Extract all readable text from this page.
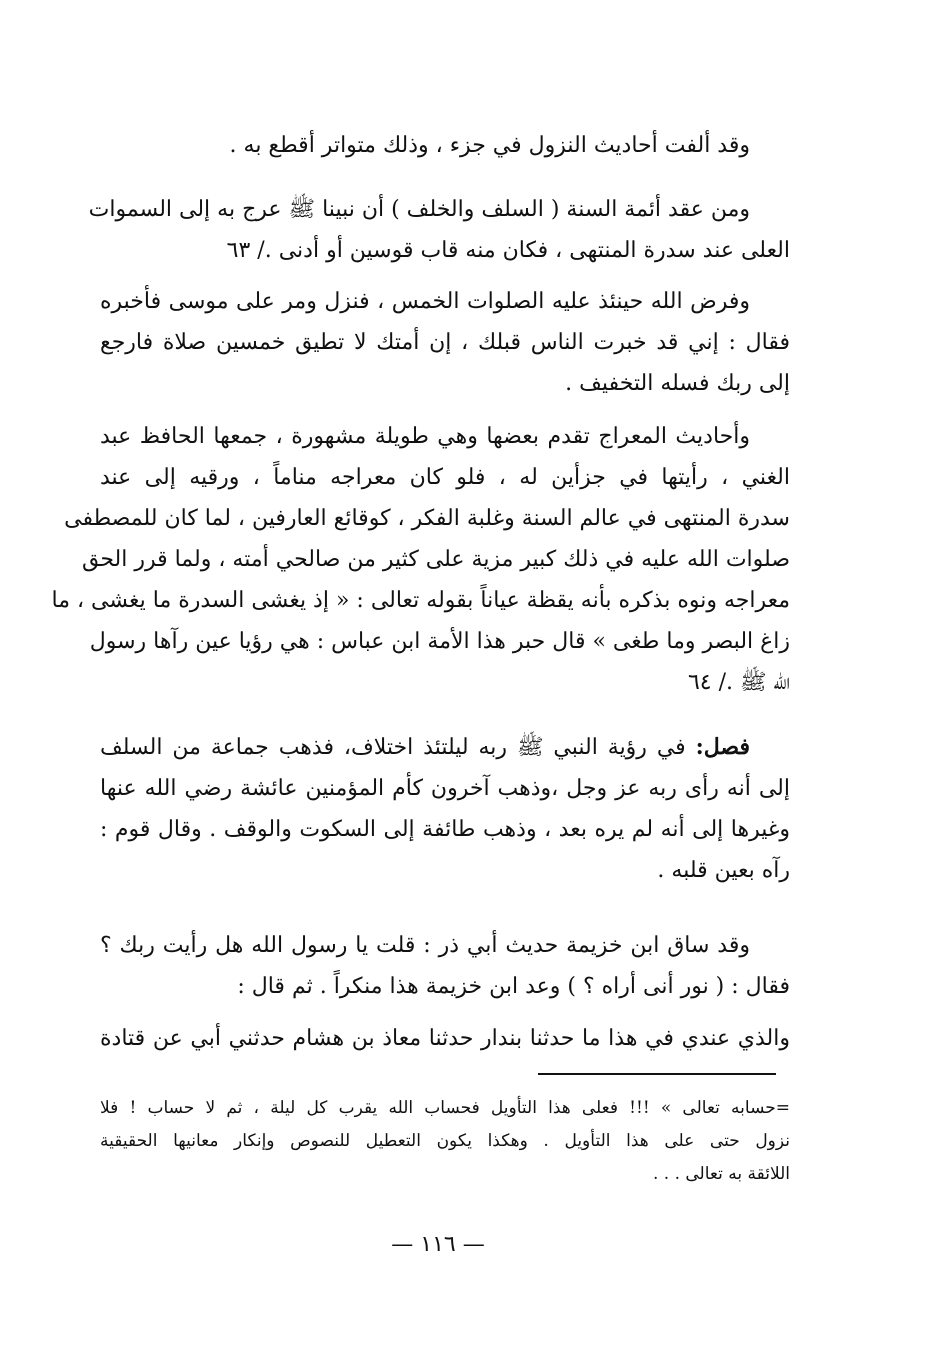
وقد ألفت أحاديث النزول في جزء ، وذلك متواتر أقطع به .
ومن عقد أئمة السنة ( السلف والخلف ) أن نبينا ﷺ عرج به إلى السموات
العلى عند سدرة المنتهى ، فكان منه قاب قوسين أو أدنى ./ ٦٣
وفرض الله حينئذ عليه الصلوات الخمس ، فنزل ومر على موسى فأخبره
فقال : إني قد خبرت الناس قبلك ، إن أمتك لا تطيق خمسين صلاة فارجع
إلى ربك فسله التخفيف .
وأحاديث المعراج تقدم بعضها وهي طويلة مشهورة ، جمعها الحافظ عبد
الغني ، رأيتها في جزأين له ، فلو كان معراجه مناماً ، ورقيه إلى عند
سدرة المنتهى في عالم السنة وغلبة الفكر ، كوقائع العارفين ، لما كان للمصطفى
صلوات الله عليه في ذلك كبير مزية على كثير من صالحي أمته ، ولما قرر الحق
معراجه ونوه بذكره بأنه يقظة عياناً بقوله تعالى : « إذ يغشى السدرة ما يغشى ، ما
زاغ البصر وما طغى » قال حبر هذا الأمة ابن عباس : هي رؤيا عين رآها رسول
الله ﷺ ./ ٦٤
فصل: في رؤية النبي ﷺ ربه ليلتئذ اختلاف، فذهب جماعة من السلف
إلى أنه رأى ربه عز وجل ،وذهب آخرون كأم المؤمنين عائشة رضي الله عنها
وغيرها إلى أنه لم يره بعد ، وذهب طائفة إلى السكوت والوقف . وقال قوم :
رآه بعين قلبه .
وقد ساق ابن خزيمة حديث أبي ذر : قلت يا رسول الله هل رأيت ربك ؟
فقال : ( نور أنى أراه ؟ ) وعد ابن خزيمة هذا منكراً . ثم قال :
والذي عندي في هذا ما حدثنا بندار حدثنا معاذ بن هشام حدثني أبي عن قتادة
=حسابه تعالى » !!! فعلى هذا التأويل فحساب الله يقرب كل ليلة ، ثم لا حساب ! فلا
نزول حتى على هذا التأويل . وهكذا يكون التعطيل للنصوص وإنكار معانيها الحقيقية
اللائقة به تعالى . . .
— ١١٦ —
